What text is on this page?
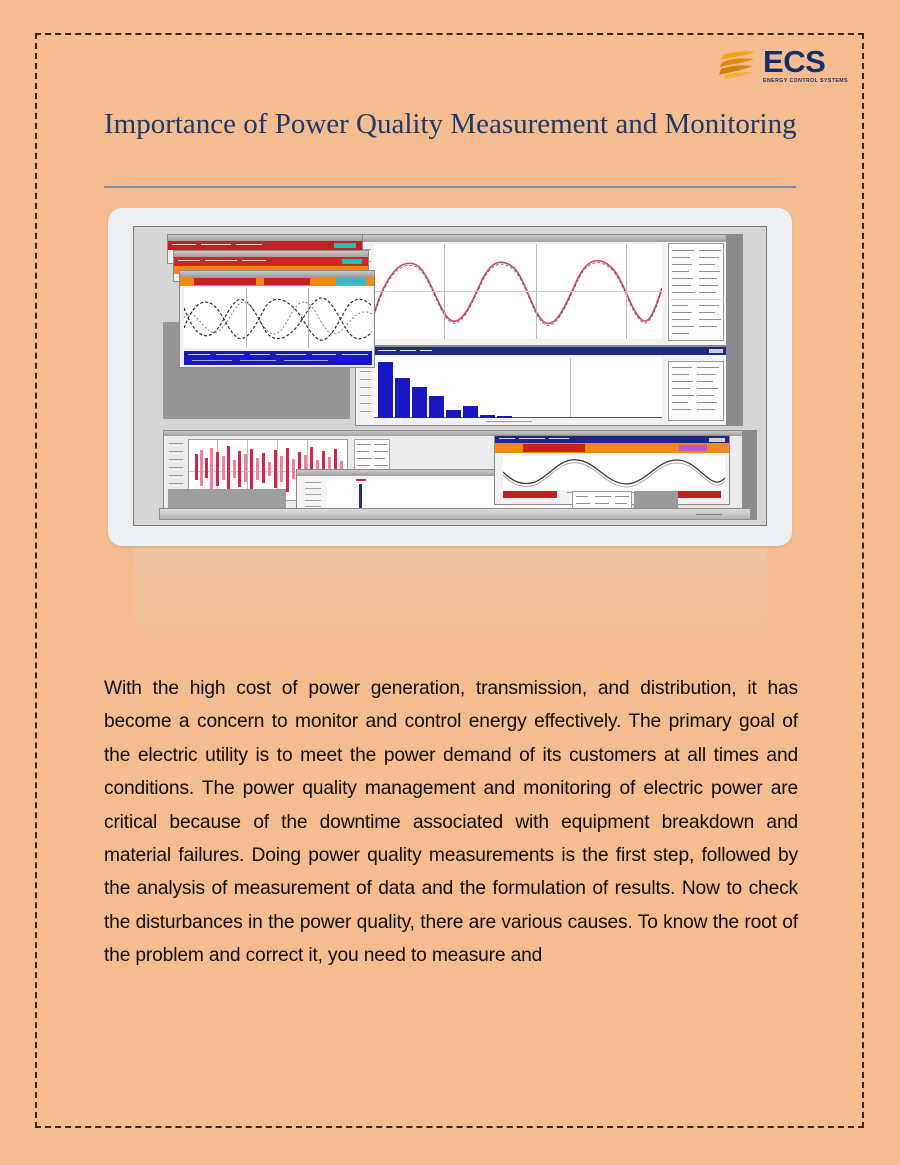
ECS
ENERGY CONTROL SYSTEMS
Importance of Power Quality Measurement and Monitoring

With the high cost of power generation, transmission, and distribution, it has become a concern to monitor and control energy effectively. The primary goal of the electric utility is to meet the power demand of its customers at all times and conditions. The power quality management and monitoring of electric power are critical because of the downtime associated with equipment breakdown and material failures. Doing power quality measurements is the first step, followed by the analysis of measurement of data and the formulation of results. Now to check the disturbances in the power quality, there are various causes. To know the root of the problem and correct it, you need to measure and
